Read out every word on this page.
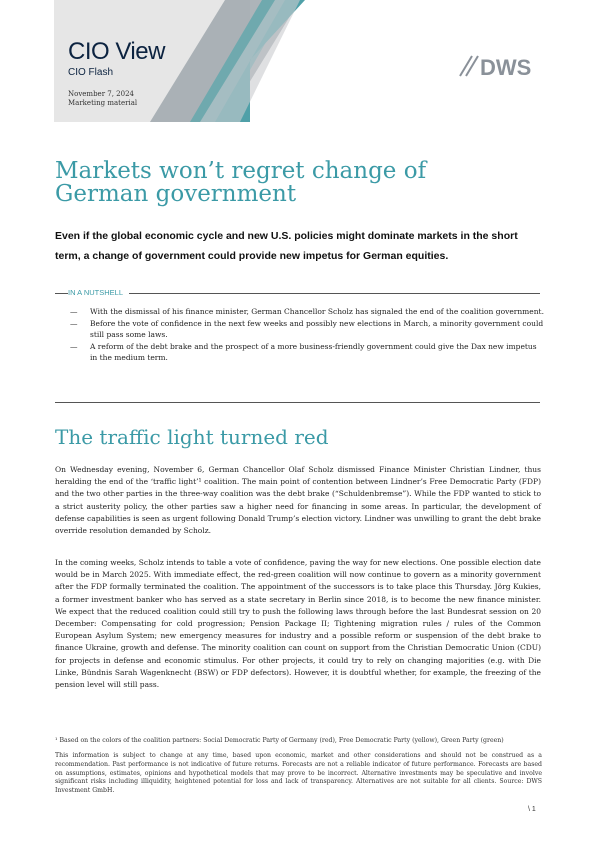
CIO View
CIO Flash
November 7, 2024
Marketing material
DWS
Markets won’t regret change of German government
Even if the global economic cycle and new U.S. policies might dominate markets in the short term, a change of government could provide new impetus for German equities.
IN A NUTSHELL
— With the dismissal of his finance minister, German Chancellor Scholz has signaled the end of the coalition government.
— Before the vote of confidence in the next few weeks and possibly new elections in March, a minority government could still pass some laws.
— A reform of the debt brake and the prospect of a more business-friendly government could give the Dax new impetus in the medium term.
The traffic light turned red

On Wednesday evening, November 6, German Chancellor Olaf Scholz dismissed Finance Minister Christian Lindner, thus heralding the end of the ‘traffic light’¹ coalition. The main point of contention between Lindner’s Free Democratic Party (FDP) and the two other parties in the three-way coalition was the debt brake (“Schuldenbremse”). While the FDP wanted to stick to a strict austerity policy, the other parties saw a higher need for financing in some areas. In particular, the development of defense capabilities is seen as urgent following Donald Trump’s election victory. Lindner was unwilling to grant the debt brake override resolution demanded by Scholz.

In the coming weeks, Scholz intends to table a vote of confidence, paving the way for new elections. One possible election date would be in March 2025. With immediate effect, the red-green coalition will now continue to govern as a minority government after the FDP formally terminated the coalition. The appointment of the successors is to take place this Thursday. Jörg Kukies, a former investment banker who has served as a state secretary in Berlin since 2018, is to become the new finance minister. We expect that the reduced coalition could still try to push the following laws through before the last Bundesrat session on 20 December: Compensating for cold progression; Pension Package II; Tightening migration rules / rules of the Common European Asylum System; new emergency measures for industry and a possible reform or suspension of the debt brake to finance Ukraine, growth and defense. The minority coalition can count on support from the Christian Democratic Union (CDU) for projects in defense and economic stimulus. For other projects, it could try to rely on changing majorities (e.g. with Die Linke, Bündnis Sarah Wagenknecht (BSW) or FDP defectors). However, it is doubtful whether, for example, the freezing of the pension level will still pass.

¹ Based on the colors of the coalition partners: Social Democratic Party of Germany (red), Free Democratic Party (yellow), Green Party (green)
This information is subject to change at any time, based upon economic, market and other considerations and should not be construed as a recommendation. Past performance is not indicative of future returns. Forecasts are not a reliable indicator of future performance. Forecasts are based on assumptions, estimates, opinions and hypothetical models that may prove to be incorrect. Alternative investments may be speculative and involve significant risks including illiquidity, heightened potential for loss and lack of transparency. Alternatives are not suitable for all clients. Source: DWS Investment GmbH.
\ 1
